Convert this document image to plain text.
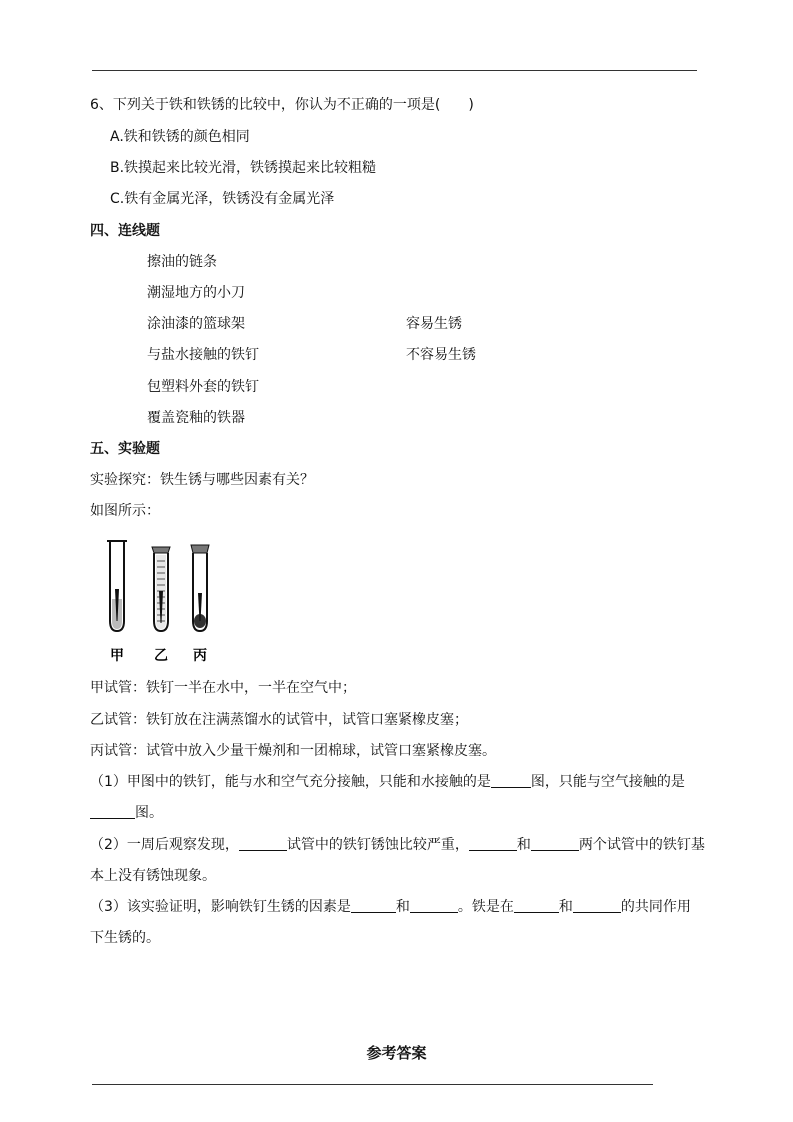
6、下列关于铁和铁锈的比较中，你认为不正确的一项是(　　)
A.铁和铁锈的颜色相同
B.铁摸起来比较光滑，铁锈摸起来比较粗糙
C.铁有金属光泽，铁锈没有金属光泽
四、连线题
擦油的链条
潮湿地方的小刀
涂油漆的篮球架	容易生锈
与盐水接触的铁钉	不容易生锈
包塑料外套的铁钉
覆盖瓷釉的铁器
五、实验题
实验探究：铁生锈与哪些因素有关？
如图所示：
甲 乙 丙
甲试管：铁钉一半在水中，一半在空气中；
乙试管：铁钉放在注满蒸馏水的试管中，试管口塞紧橡皮塞；
丙试管：试管中放入少量干燥剂和一团棉球，试管口塞紧橡皮塞。
（1）甲图中的铁钉，能与水和空气充分接触，只能和水接触的是	图，只能与空气接触的是
图。
（2）一周后观察发现，	试管中的铁钉锈蚀比较严重，	和	两个试管中的铁钉基
本上没有锈蚀现象。
（3）该实验证明，影响铁钉生锈的因素是	和	。铁是在	和	的共同作用
下生锈的。
参考答案
